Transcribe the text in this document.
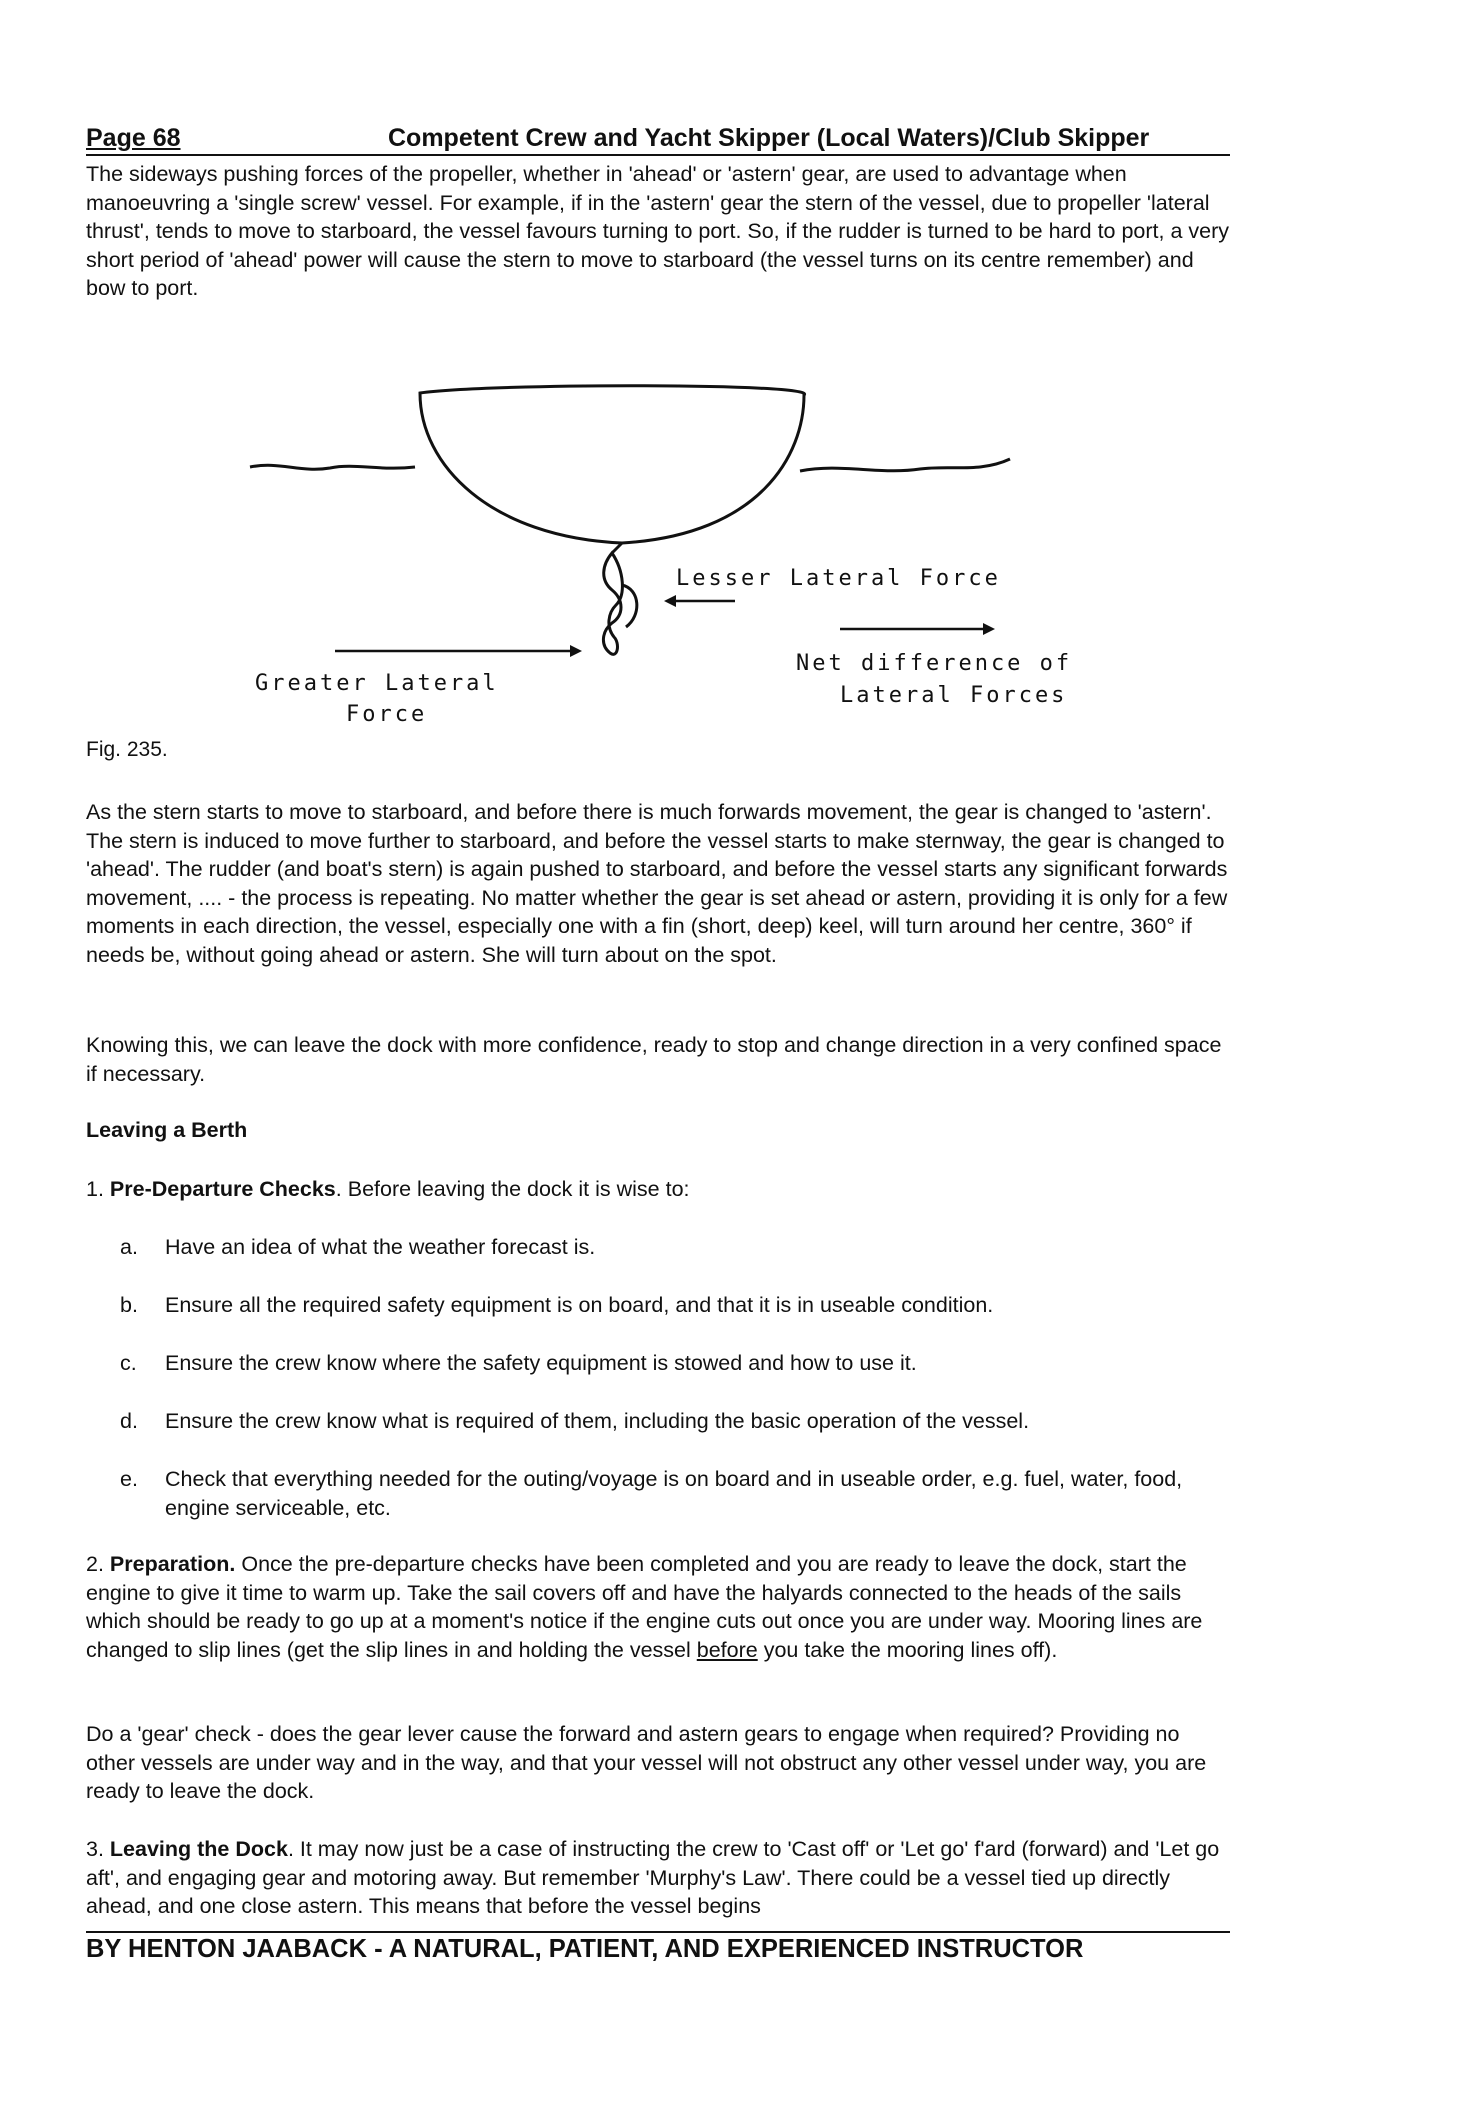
Page 68	Competent Crew and Yacht Skipper (Local Waters)/Club Skipper

The sideways pushing forces of the propeller, whether in 'ahead' or 'astern' gear, are used to advantage when manoeuvring a 'single screw' vessel. For example, if in the 'astern' gear the stern of the vessel, due to propeller 'lateral thrust', tends to move to starboard, the vessel favours turning to port. So, if the rudder is turned to be hard to port, a very short period of 'ahead' power will cause the stern to move to starboard (the vessel turns on its centre remember) and bow to port.

Lesser Lateral Force
Greater Lateral
Force
Net difference of
Lateral Forces
Fig. 235.

As the stern starts to move to starboard, and before there is much forwards movement, the gear is changed to 'astern'. The stern is induced to move further to starboard, and before the vessel starts to make sternway, the gear is changed to 'ahead'. The rudder (and boat's stern) is again pushed to starboard, and before the vessel starts any significant forwards movement, .... - the process is repeating. No matter whether the gear is set ahead or astern, providing it is only for a few moments in each direction, the vessel, especially one with a fin (short, deep) keel, will turn around her centre, 360° if needs be, without going ahead or astern. She will turn about on the spot.

Knowing this, we can leave the dock with more confidence, ready to stop and change direction in a very confined space if necessary.

Leaving a Berth

1. Pre-Departure Checks. Before leaving the dock it is wise to:

a. Have an idea of what the weather forecast is.
b. Ensure all the required safety equipment is on board, and that it is in useable condition.
c. Ensure the crew know where the safety equipment is stowed and how to use it.
d. Ensure the crew know what is required of them, including the basic operation of the vessel.
e. Check that everything needed for the outing/voyage is on board and in useable order, e.g. fuel, water, food, engine serviceable, etc.

2. Preparation. Once the pre-departure checks have been completed and you are ready to leave the dock, start the engine to give it time to warm up. Take the sail covers off and have the halyards connected to the heads of the sails which should be ready to go up at a moment's notice if the engine cuts out once you are under way. Mooring lines are changed to slip lines (get the slip lines in and holding the vessel before you take the mooring lines off).

Do a 'gear' check - does the gear lever cause the forward and astern gears to engage when required? Providing no other vessels are under way and in the way, and that your vessel will not obstruct any other vessel under way, you are ready to leave the dock.

3. Leaving the Dock. It may now just be a case of instructing the crew to 'Cast off' or 'Let go' f'ard (forward) and 'Let go aft', and engaging gear and motoring away. But remember 'Murphy's Law'. There could be a vessel tied up directly ahead, and one close astern. This means that before the vessel begins

BY HENTON JAABACK - A NATURAL, PATIENT, AND EXPERIENCED INSTRUCTOR
